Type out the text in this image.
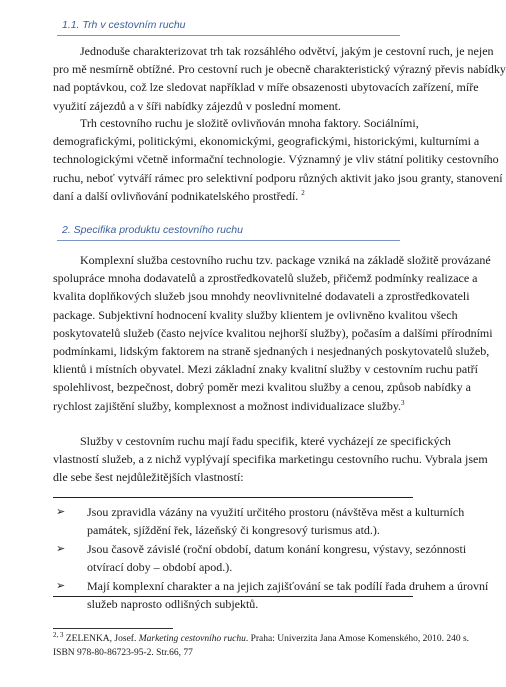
1.1. Trh v cestovním ruchu
Jednoduše charakterizovat trh tak rozsáhlého odvětví, jakým je cestovní ruch, je nejen
pro mě nesmírně obtížné. Pro cestovní ruch je obecně charakteristický výrazný převis nabídky
nad poptávkou, což lze sledovat například v míře obsazenosti ubytovacích zařízení, míře
využití zájezdů a v šíři nabídky zájezdů v poslední moment.
Trh cestovního ruchu je složitě ovlivňován mnoha faktory. Sociálními,
demografickými, politickými, ekonomickými, geografickými, historickými, kulturními a
technologickými včetně informační technologie. Významný je vliv státní politiky cestovního
ruchu, neboť vytváří rámec pro selektivní podporu různých aktivit jako jsou granty, stanovení
daní a další ovlivňování podnikatelského prostředí. $^2$
2. Specifika produktu cestovního ruchu
Komplexní služba cestovního ruchu tzv. package vzniká na základě složitě provázané
spolupráce mnoha dodavatelů a zprostředkovatelů služeb, přičemž podmínky realizace a
kvalita doplňkových služeb jsou mnohdy neovlivnitelné dodavateli a zprostředkovateli
package. Subjektivní hodnocení kvality služby klientem je ovlivněno kvalitou všech
poskytovatelů služeb (často nejvíce kvalitou nejhorší služby), počasím a dalšími přírodními
podmínkami, lidským faktorem na straně sjednaných i nesjednaných poskytovatelů služeb,
klientů i místních obyvatel. Mezi základní znaky kvalitní služby v cestovním ruchu patří
spolehlivost, bezpečnost, dobrý poměr mezi kvalitou služby a cenou, způsob nabídky a
rychlost zajištění služby, komplexnost a možnost individualizace služby.$^3$
Služby v cestovním ruchu mají řadu specifik, které vycházejí ze specifických
vlastností služeb, a z nichž vyplývají specifika marketingu cestovního ruchu. Vybrala jsem
dle sebe šest nejdůležitějších vlastností:
➢	Jsou zpravidla vázány na využití určitého prostoru (návštěva měst a kulturních
památek, sjíždění řek, lázeňský či kongresový turismus atd.).
➢	Jsou časově závislé (roční období, datum konání kongresu, výstavy, sezónnosti
otvírací doby – období apod.).
➢	Mají komplexní charakter a na jejich zajišťování se tak podílí řada druhem a úrovní
služeb naprosto odlišných subjektů.
$^{2, 3}$ ZELENKA, Josef. Marketing cestovního ruchu. Praha: Univerzita Jana Amose Komenského, 2010. 240 s.
ISBN 978-80-86723-95-2. Str.66, 77
